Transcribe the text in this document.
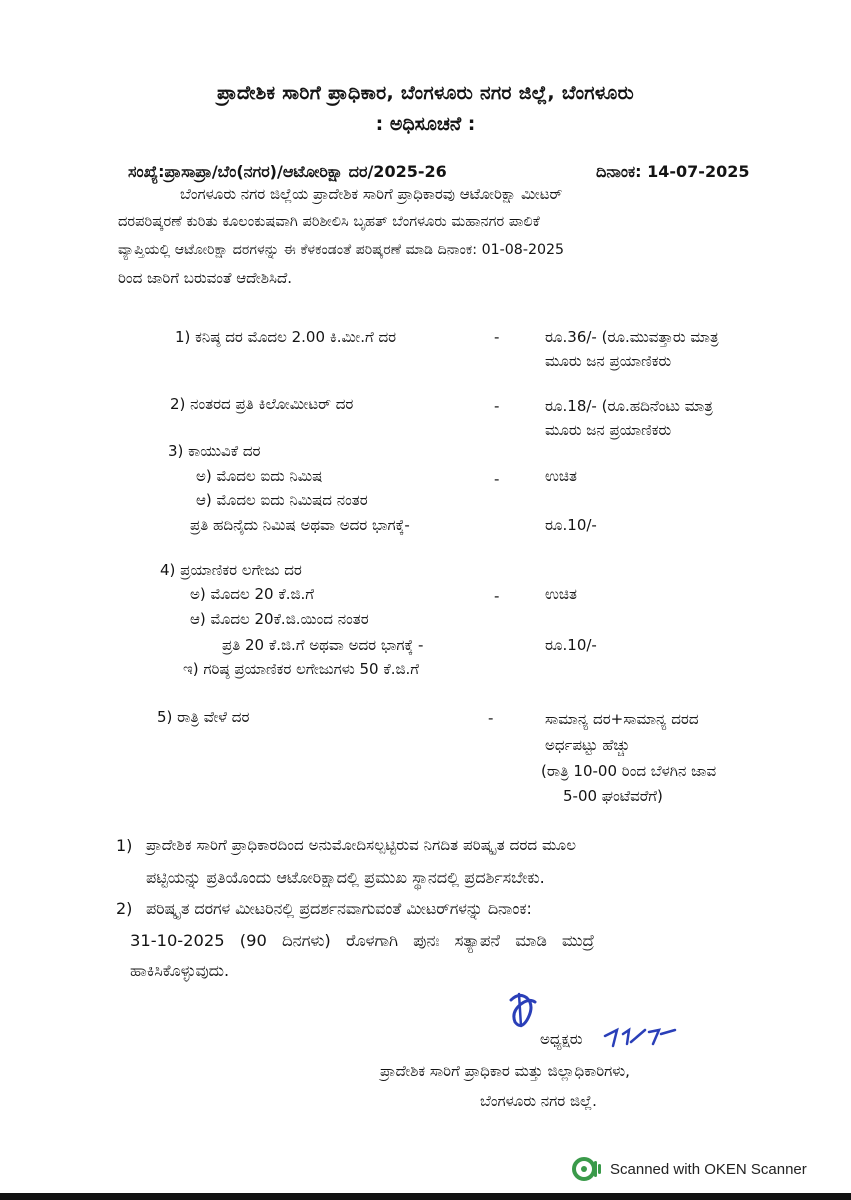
ಪ್ರಾದೇಶಿಕ ಸಾರಿಗೆ ಪ್ರಾಧಿಕಾರ, ಬೆಂಗಳೂರು ನಗರ ಜಿಲ್ಲೆ, ಬೆಂಗಳೂರು
: ಅಧಿಸೂಚನೆ :
ಸಂಖ್ಯೆ:ಪ್ರಾಸಾಪ್ರಾ/ಬೆಂ(ನಗರ)/ಆಟೋರಿಕ್ಷಾ ದರ/2025-26	ದಿನಾಂಕ: 14-07-2025
ಬೆಂಗಳೂರು ನಗರ ಜಿಲ್ಲೆಯ ಪ್ರಾದೇಶಿಕ ಸಾರಿಗೆ ಪ್ರಾಧಿಕಾರವು ಆಟೋರಿಕ್ಷಾ ಮೀಟರ್
ದರಪರಿಷ್ಕರಣೆ ಕುರಿತು ಕೂಲಂಕುಷವಾಗಿ ಪರಿಶೀಲಿಸಿ ಬೃಹತ್ ಬೆಂಗಳೂರು ಮಹಾನಗರ ಪಾಲಿಕೆ
ವ್ಯಾಪ್ತಿಯಲ್ಲಿ ಆಟೋರಿಕ್ಷಾ ದರಗಳನ್ನು ಈ ಕೆಳಕಂಡಂತೆ ಪರಿಷ್ಕರಣೆ ಮಾಡಿ ದಿನಾಂಕ: 01-08-2025
ರಿಂದ ಜಾರಿಗೆ ಬರುವಂತೆ ಆದೇಶಿಸಿದೆ.
1) ಕನಿಷ್ಠ ದರ ಮೊದಲ 2.00 ಕಿ.ಮೀ.ಗೆ ದರ	-	ರೂ.36/- (ರೂ.ಮುವತ್ತಾರು ಮಾತ್ರ
ಮೂರು ಜನ ಪ್ರಯಾಣಿಕರು
2) ನಂತರದ ಪ್ರತಿ ಕಿಲೋಮೀಟರ್ ದರ	-	ರೂ.18/- (ರೂ.ಹದಿನೆಂಟು ಮಾತ್ರ
ಮೂರು ಜನ ಪ್ರಯಾಣಿಕರು
3) ಕಾಯುವಿಕೆ ದರ
ಅ) ಮೊದಲ ಐದು ನಿಮಿಷ	-	ಉಚಿತ
ಆ) ಮೊದಲ ಐದು ನಿಮಿಷದ ನಂತರ
ಪ್ರತಿ ಹದಿನೈದು ನಿಮಿಷ ಅಥವಾ ಅದರ ಭಾಗಕ್ಕೆ-	ರೂ.10/-
4) ಪ್ರಯಾಣಿಕರ ಲಗೇಜು ದರ
ಅ) ಮೊದಲ 20 ಕೆ.ಜಿ.ಗೆ	-	ಉಚಿತ
ಆ) ಮೊದಲ 20ಕೆ.ಜಿ.ಯಿಂದ ನಂತರ
ಪ್ರತಿ 20 ಕೆ.ಜಿ.ಗೆ ಅಥವಾ ಅದರ ಭಾಗಕ್ಕೆ -	ರೂ.10/-
ಇ) ಗರಿಷ್ಠ ಪ್ರಯಾಣಿಕರ ಲಗೇಜುಗಳು 50 ಕೆ.ಜಿ.ಗೆ
5) ರಾತ್ರಿ ವೇಳೆ ದರ	-	ಸಾಮಾನ್ಯ ದರ+ಸಾಮಾನ್ಯ ದರದ
ಅರ್ಧಪಟ್ಟು ಹೆಚ್ಚು
(ರಾತ್ರಿ 10-00 ರಿಂದ ಬೆಳಗಿನ ಜಾವ
5-00 ಘಂಟೆವರೆಗೆ)
1) ಪ್ರಾದೇಶಿಕ ಸಾರಿಗೆ ಪ್ರಾಧಿಕಾರದಿಂದ ಅನುಮೋದಿಸಲ್ಪಟ್ಟಿರುವ ನಿಗದಿತ ಪರಿಷ್ಕೃತ ದರದ ಮೂಲ
ಪಟ್ಟಿಯನ್ನು ಪ್ರತಿಯೊಂದು ಆಟೋರಿಕ್ಷಾದಲ್ಲಿ ಪ್ರಮುಖ ಸ್ಥಾನದಲ್ಲಿ ಪ್ರದರ್ಶಿಸಬೇಕು.
2) ಪರಿಷ್ಕೃತ ದರಗಳ ಮೀಟರಿನಲ್ಲಿ ಪ್ರದರ್ಶನವಾಗುವಂತೆ ಮೀಟರ್‌ಗಳನ್ನು ದಿನಾಂಕ:
31-10-2025 (90 ದಿನಗಳು) ರೊಳಗಾಗಿ ಪುನಃ ಸತ್ಯಾಪನೆ ಮಾಡಿ ಮುದ್ರೆ
ಹಾಕಿಸಿಕೊಳ್ಳುವುದು.
ಅಧ್ಯಕ್ಷರು
ಪ್ರಾದೇಶಿಕ ಸಾರಿಗೆ ಪ್ರಾಧಿಕಾರ ಮತ್ತು ಜಿಲ್ಲಾಧಿಕಾರಿಗಳು,
ಬೆಂಗಳೂರು ನಗರ ಜಿಲ್ಲೆ.
Scanned with OKEN Scanner
